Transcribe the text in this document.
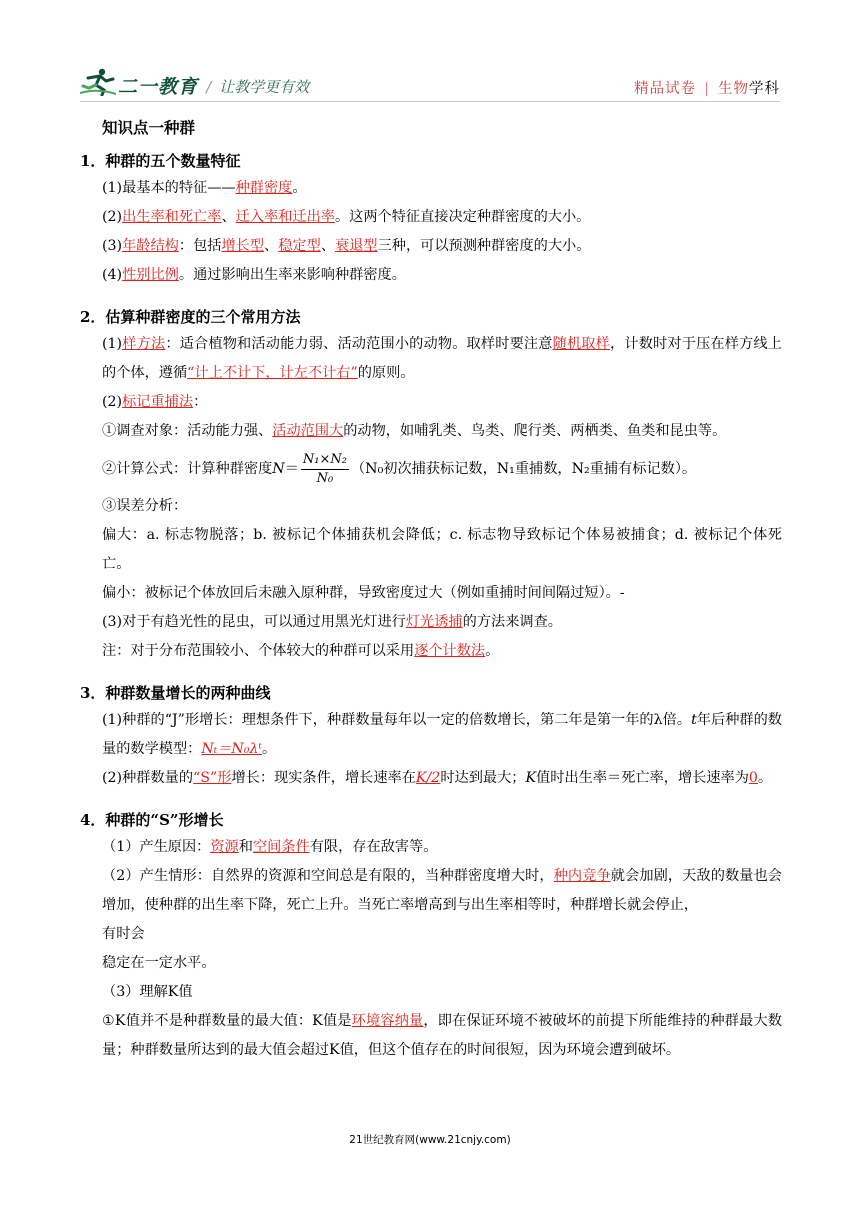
二一教育 / 让教学更有效	精品试卷 | 生物学科
知识点一种群
1．种群的五个数量特征
(1)最基本的特征——种群密度。
(2)出生率和死亡率、迁入率和迁出率。这两个特征直接决定种群密度的大小。
(3)年龄结构：包括增长型、稳定型、衰退型三种，可以预测种群密度的大小。
(4)性别比例。通过影响出生率来影响种群密度。
2．估算种群密度的三个常用方法
(1)样方法：适合植物和活动能力弱、活动范围小的动物。取样时要注意随机取样，计数时对于压在样方线上的个体，遵循“计上不计下，计左不计右”的原则。
(2)标记重捕法：
①调查对象：活动能力强、活动范围大的动物，如哺乳类、鸟类、爬行类、两栖类、鱼类和昆虫等。
②计算公式：计算种群密度$N= \frac{\text{N₁×N₂}}{\text{N₀}} (N_0$初次捕获标记数，N₁重捕数，N₂重捕有标记数）。
③误差分析：
偏大：a. 标志物脱落；b. 被标记个体捕获机会降低；c. 标志物导致标记个体易被捕食；d. 被标记个体死亡。
偏小：被标记个体放回后未融入原种群，导致密度过大（例如重捕时间间隔过短）。-
(3)对于有趋光性的昆虫，可以通过用黑光灯进行灯光诱捕的方法来调查。
注：对于分布范围较小、个体较大的种群可以采用逐个计数法。
3．种群数量增长的两种曲线
(1)种群的“J”形增长：理想条件下，种群数量每年以一定的倍数增长，第二年是第一年的λ倍。t年后种群的数量的数学模型：Nₜ＝N₀λᵗ。
(2)种群数量的“S”形增长：现实条件，增长速率在K/2时达到最大；K值时出生率＝死亡率，增长速率为0。
4．种群的“S”形增长
（1）产生原因：资源和空间条件有限，存在敌害等。
（2）产生情形：自然界的资源和空间总是有限的，当种群密度增大时，种内竞争就会加剧，天敌的数量也会增加，使种群的出生率下降，死亡上升。当死亡率增高到与出生率相等时，种群增长就会停止，
有时会
稳定在一定水平。
（3）理解K值
①K值并不是种群数量的最大值：K值是环境容纳量，即在保证环境不被破坏的前提下所能维持的种群最大数量；种群数量所达到的最大值会超过K值，但这个值存在的时间很短，因为环境会遭到破坏。
21世纪教育网(www.21cnjy.com)
